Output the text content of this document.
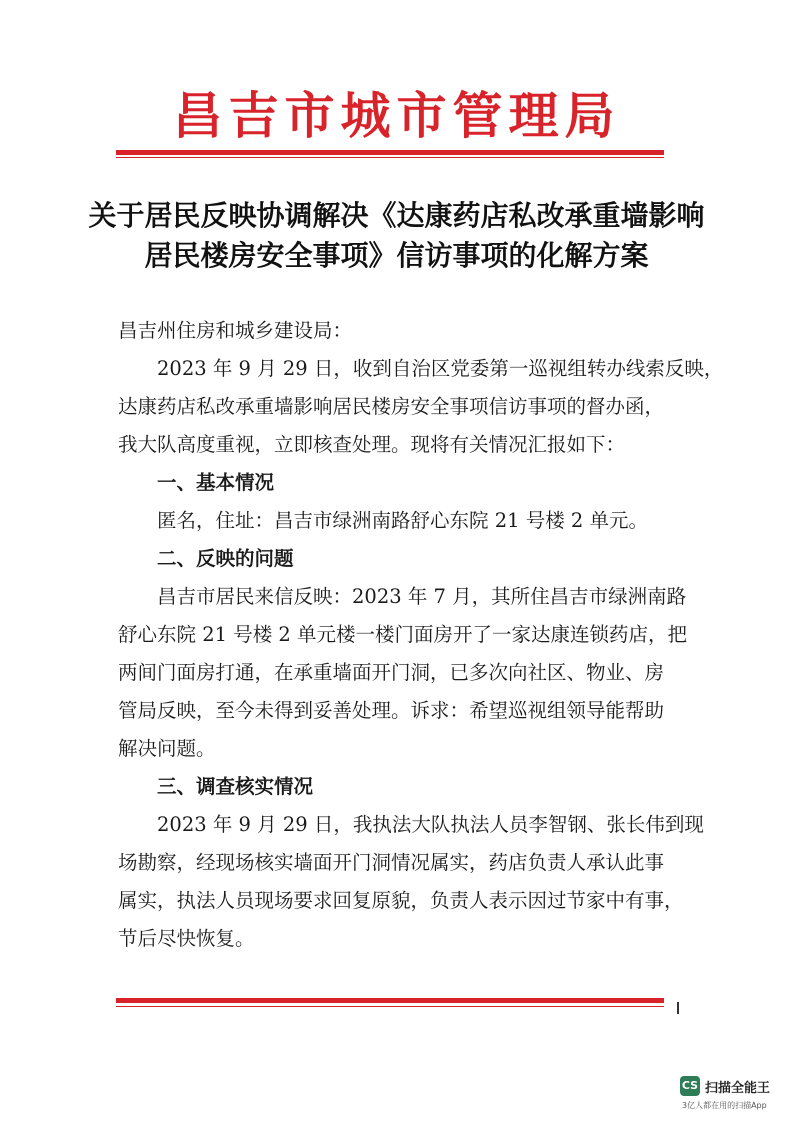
昌吉市城市管理局
关于居民反映协调解决《达康药店私改承重墙影响
居民楼房安全事项》信访事项的化解方案
昌吉州住房和城乡建设局：
2023 年 9 月 29 日，收到自治区党委第一巡视组转办线索反映，
达康药店私改承重墙影响居民楼房安全事项信访事项的督办函，
我大队高度重视，立即核查处理。现将有关情况汇报如下：
一、基本情况
匿名，住址：昌吉市绿洲南路舒心东院 21 号楼 2 单元。
二、反映的问题
昌吉市居民来信反映：2023 年 7 月，其所住昌吉市绿洲南路
舒心东院 21 号楼 2 单元楼一楼门面房开了一家达康连锁药店，把
两间门面房打通，在承重墙面开门洞，已多次向社区、物业、房
管局反映，至今未得到妥善处理。诉求：希望巡视组领导能帮助
解决问题。
三、调查核实情况
2023 年 9 月 29 日，我执法大队执法人员李智钢、张长伟到现
场勘察，经现场核实墙面开门洞情况属实，药店负责人承认此事
属实，执法人员现场要求回复原貌，负责人表示因过节家中有事，
节后尽快恢复。
CS 扫描全能王
3亿人都在用的扫描App
